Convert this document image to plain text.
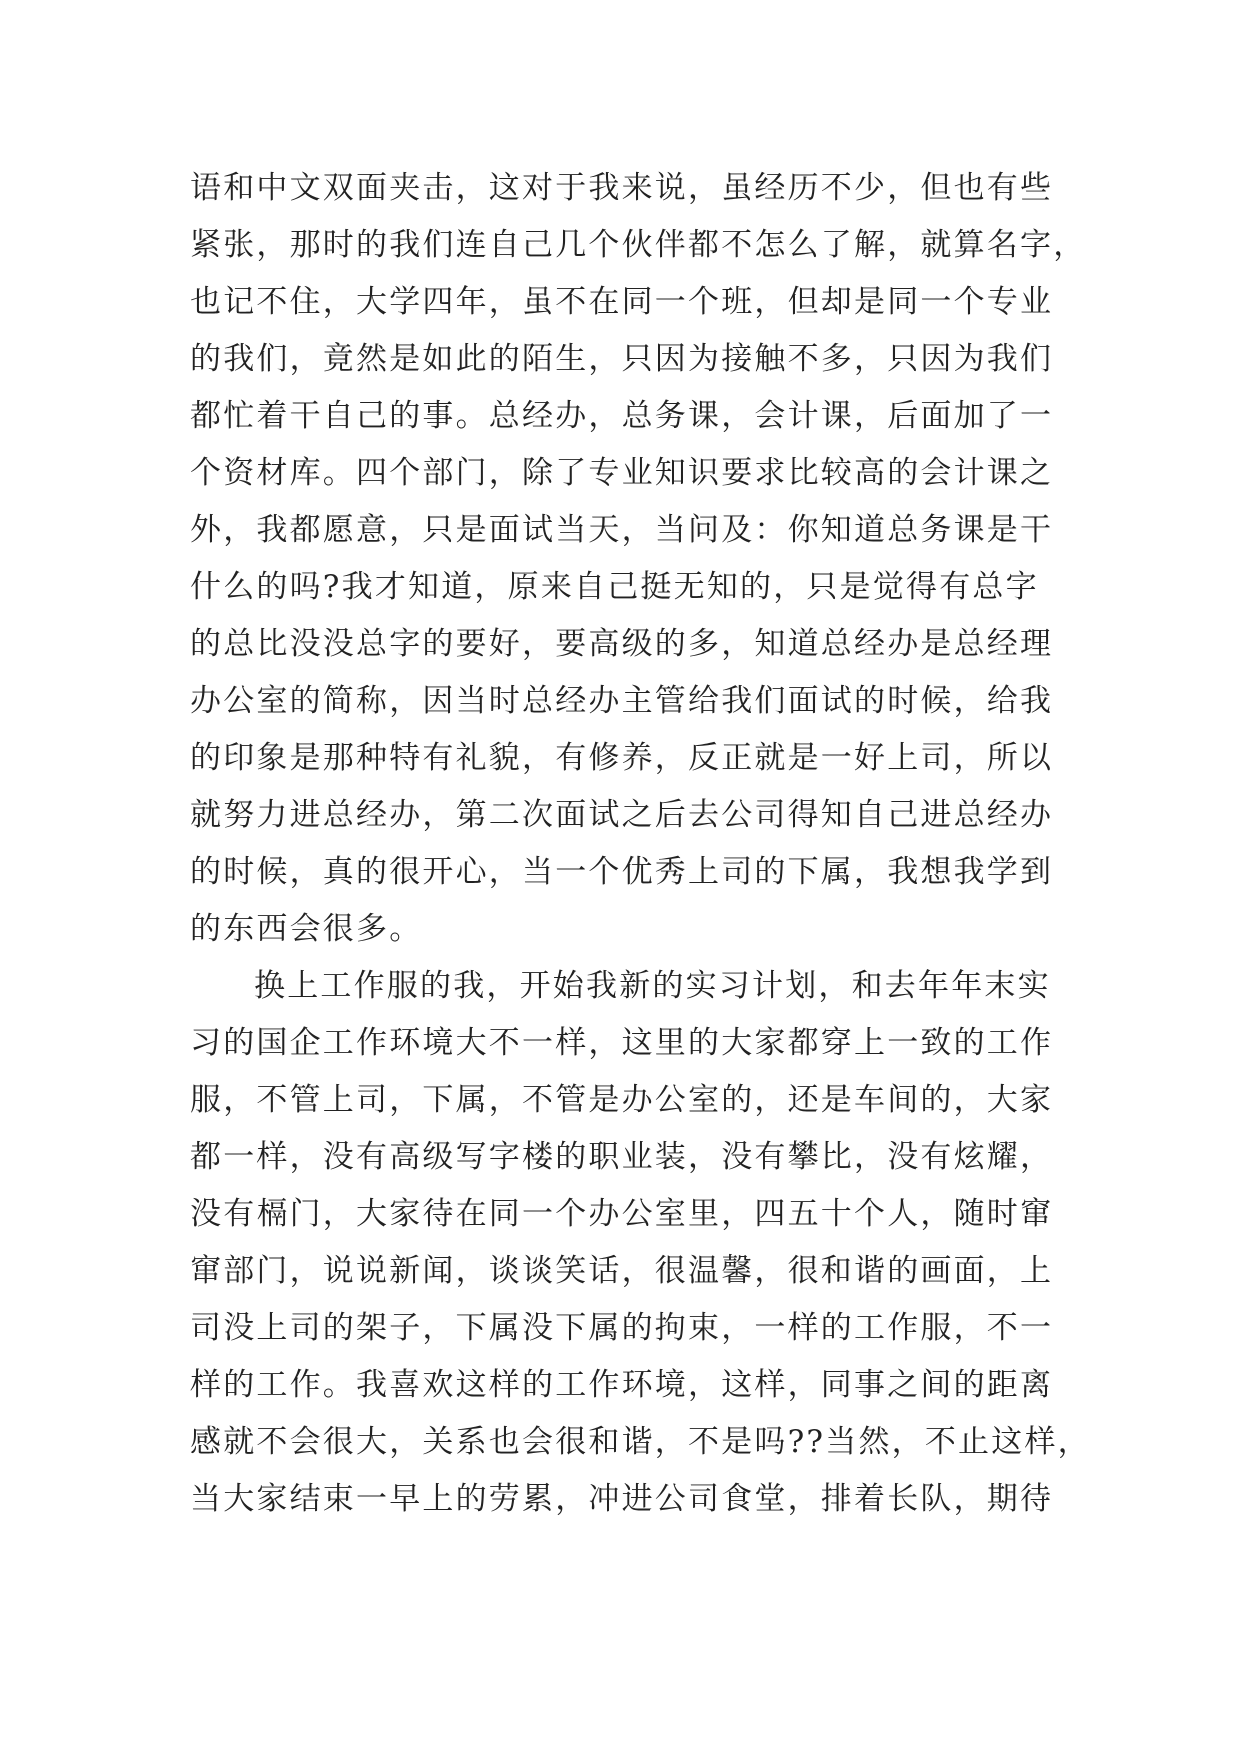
语和中文双面夹击，这对于我来说，虽经历不少，但也有些
紧张，那时的我们连自己几个伙伴都不怎么了解，就算名字，
也记不住，大学四年，虽不在同一个班，但却是同一个专业
的我们，竟然是如此的陌生，只因为接触不多，只因为我们
都忙着干自己的事。总经办，总务课，会计课，后面加了一
个资材库。四个部门，除了专业知识要求比较高的会计课之
外，我都愿意，只是面试当天，当问及：你知道总务课是干
什么的吗?我才知道，原来自己挺无知的，只是觉得有总字
的总比没没总字的要好，要高级的多，知道总经办是总经理
办公室的简称，因当时总经办主管给我们面试的时候，给我
的印象是那种特有礼貌，有修养，反正就是一好上司，所以
就努力进总经办，第二次面试之后去公司得知自己进总经办
的时候，真的很开心，当一个优秀上司的下属，我想我学到
的东西会很多。
换上工作服的我，开始我新的实习计划，和去年年末实
习的国企工作环境大不一样，这里的大家都穿上一致的工作
服，不管上司，下属，不管是办公室的，还是车间的，大家
都一样，没有高级写字楼的职业装，没有攀比，没有炫耀，
没有槅门，大家待在同一个办公室里，四五十个人，随时窜
窜部门，说说新闻，谈谈笑话，很温馨，很和谐的画面，上
司没上司的架子，下属没下属的拘束，一样的工作服，不一
样的工作。我喜欢这样的工作环境，这样，同事之间的距离
感就不会很大，关系也会很和谐，不是吗??当然，不止这样，
当大家结束一早上的劳累，冲进公司食堂，排着长队，期待
